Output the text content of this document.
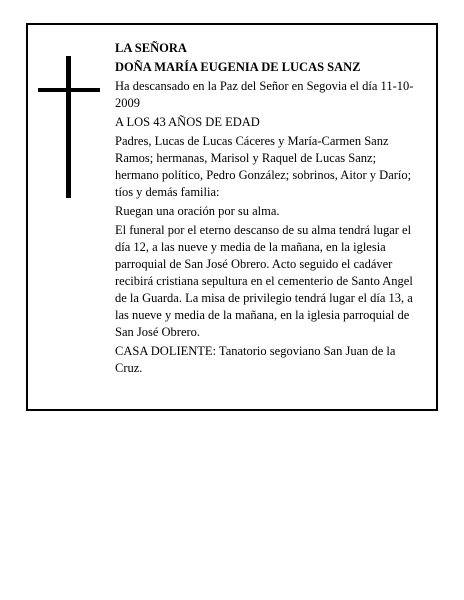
LA SEÑORA

DOÑA MARÍA EUGENIA DE LUCAS SANZ

Ha descansado en la Paz del Señor en Segovia el día 11-10-2009

A LOS 43 AÑOS DE EDAD

Padres, Lucas de Lucas Cáceres y María-Carmen Sanz Ramos; hermanas, Marisol y Raquel de Lucas Sanz; hermano político, Pedro González; sobrinos, Aitor y Darío; tíos y demás familia:

Ruegan una oración por su alma.

El funeral por el eterno descanso de su alma tendrá lugar el día 12, a las nueve y media de la mañana, en la iglesia parroquial de San José Obrero. Acto seguido el cadáver recibirá cristiana sepultura en el cementerio de Santo Angel de la Guarda. La misa de privilegio tendrá lugar el día 13, a las nueve y media de la mañana, en la iglesia parroquial de San José Obrero.

CASA DOLIENTE: Tanatorio segoviano San Juan de la Cruz.
